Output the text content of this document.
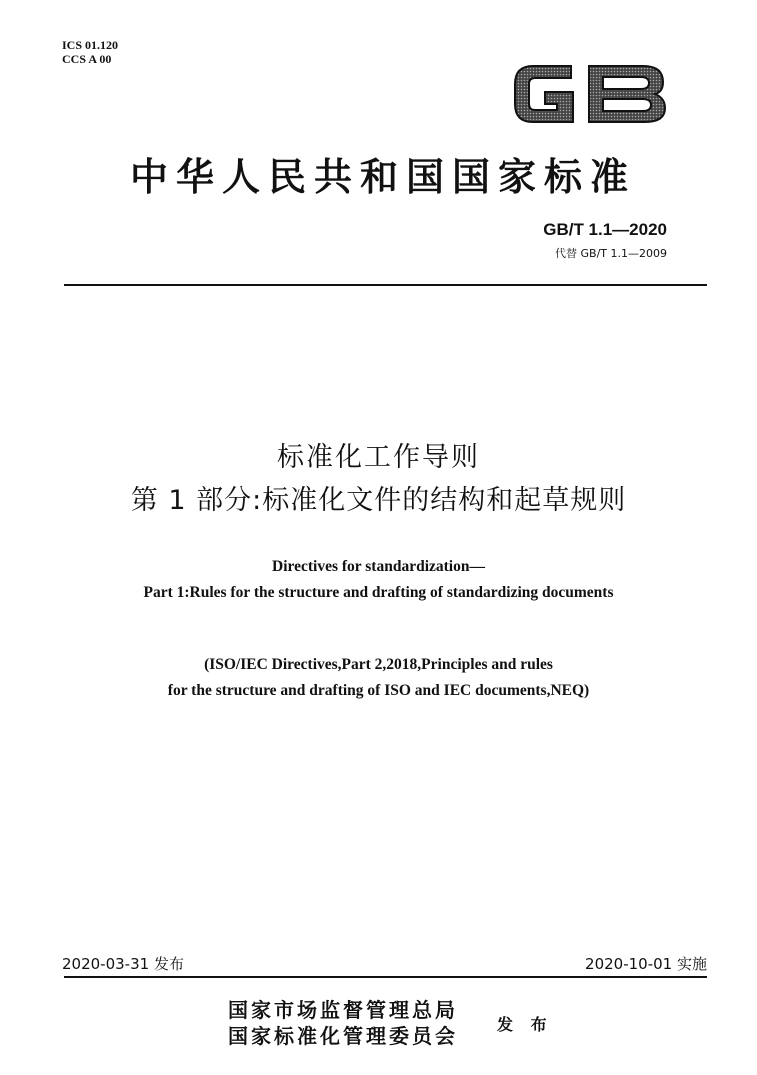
ICS 01.120
CCS A 00
中华人民共和国国家标准
GB/T 1.1—2020
代替 GB/T 1.1—2009
标准化工作导则
第 1 部分:标准化文件的结构和起草规则
Directives for standardization—
Part 1:Rules for the structure and drafting of standardizing documents
(ISO/IEC Directives,Part 2,2018,Principles and rules
for the structure and drafting of ISO and IEC documents,NEQ)
2020-03-31 发布	2020-10-01 实施
国家市场监督管理总局
国家标准化管理委员会 发 布
